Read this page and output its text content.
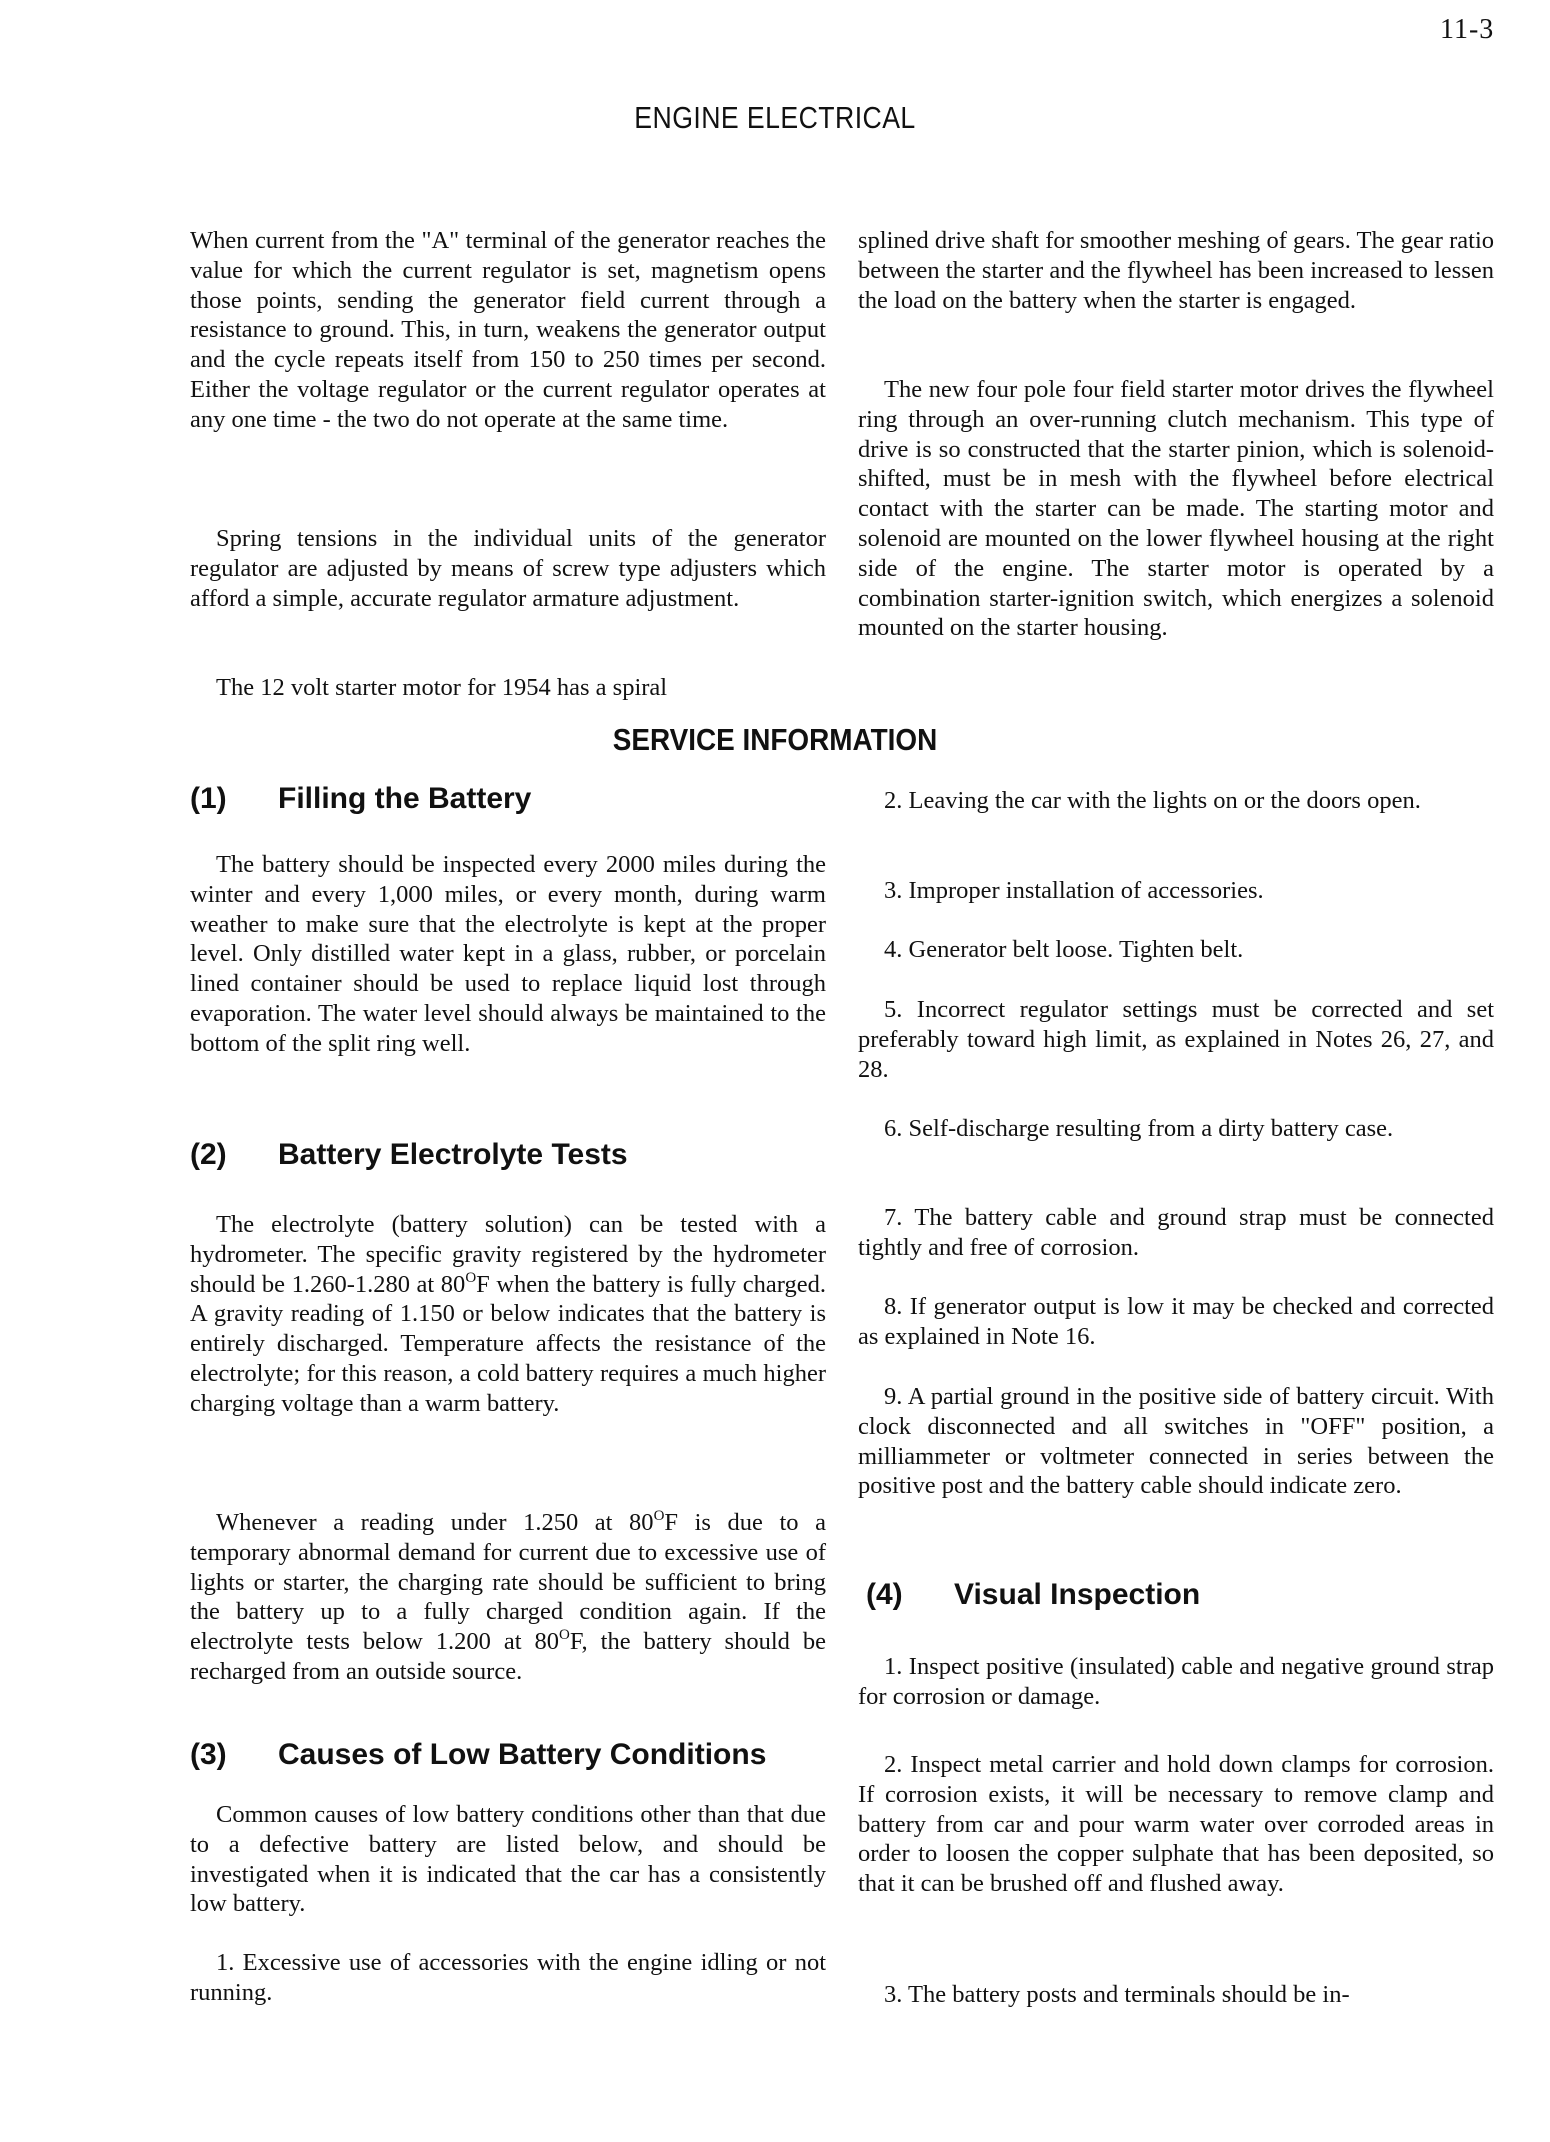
11-3
ENGINE ELECTRICAL

When current from the "A" terminal of the generator reaches the value for which the current regulator is set, magnetism opens those points, sending the generator field current through a resistance to ground. This, in turn, weakens the generator output and the cycle repeats itself from 150 to 250 times per second. Either the voltage regulator or the current regulator operates at any one time - the two do not operate at the same time.

Spring tensions in the individual units of the generator regulator are adjusted by means of screw type adjusters which afford a simple, accurate regulator armature adjustment.

The 12 volt starter motor for 1954 has a spiral

splined drive shaft for smoother meshing of gears. The gear ratio between the starter and the flywheel has been increased to lessen the load on the battery when the starter is engaged.

The new four pole four field starter motor drives the flywheel ring through an over-running clutch mechanism. This type of drive is so constructed that the starter pinion, which is solenoid-shifted, must be in mesh with the flywheel before electrical contact with the starter can be made. The starting motor and solenoid are mounted on the lower flywheel housing at the right side of the engine. The starter motor is operated by a combination starter-ignition switch, which energizes a solenoid mounted on the starter housing.

SERVICE INFORMATION
(1) Filling the Battery

The battery should be inspected every 2000 miles during the winter and every 1,000 miles, or every month, during warm weather to make sure that the electrolyte is kept at the proper level. Only distilled water kept in a glass, rubber, or porcelain lined container should be used to replace liquid lost through evaporation. The water level should always be maintained to the bottom of the split ring well.

(2) Battery Electrolyte Tests

The electrolyte (battery solution) can be tested with a hydrometer. The specific gravity registered by the hydrometer should be 1.260-1.280 at $80^OF$ when the battery is fully charged. A gravity reading of 1.150 or below indicates that the battery is entirely discharged. Temperature affects the resistance of the electrolyte; for this reason, a cold battery requires a much higher charging voltage than a warm battery.

Whenever a reading under 1.250 at $80^OF$ is due to a temporary abnormal demand for current due to excessive use of lights or starter, the charging rate should be sufficient to bring the battery up to a fully charged condition again. If the electrolyte tests below 1.200 at $80^OF$, the battery should be recharged from an outside source.

(3) Causes of Low Battery Conditions

Common causes of low battery conditions other than that due to a defective battery are listed below, and should be investigated when it is indicated that the car has a consistently low battery.

1. Excessive use of accessories with the engine idling or not running.

2. Leaving the car with the lights on or the doors open.

3. Improper installation of accessories.

4. Generator belt loose. Tighten belt.

5. Incorrect regulator settings must be corrected and set preferably toward high limit, as explained in Notes 26, 27, and 28.

6. Self-discharge resulting from a dirty battery case.

7. The battery cable and ground strap must be connected tightly and free of corrosion.

8. If generator output is low it may be checked and corrected as explained in Note 16.

9. A partial ground in the positive side of battery circuit. With clock disconnected and all switches in "OFF" position, a milliammeter or voltmeter connected in series between the positive post and the battery cable should indicate zero.

(4) Visual Inspection

1. Inspect positive (insulated) cable and negative ground strap for corrosion or damage.

2. Inspect metal carrier and hold down clamps for corrosion. If corrosion exists, it will be necessary to remove clamp and battery from car and pour warm water over corroded areas in order to loosen the copper sulphate that has been deposited, so that it can be brushed off and flushed away.

3. The battery posts and terminals should be in-
